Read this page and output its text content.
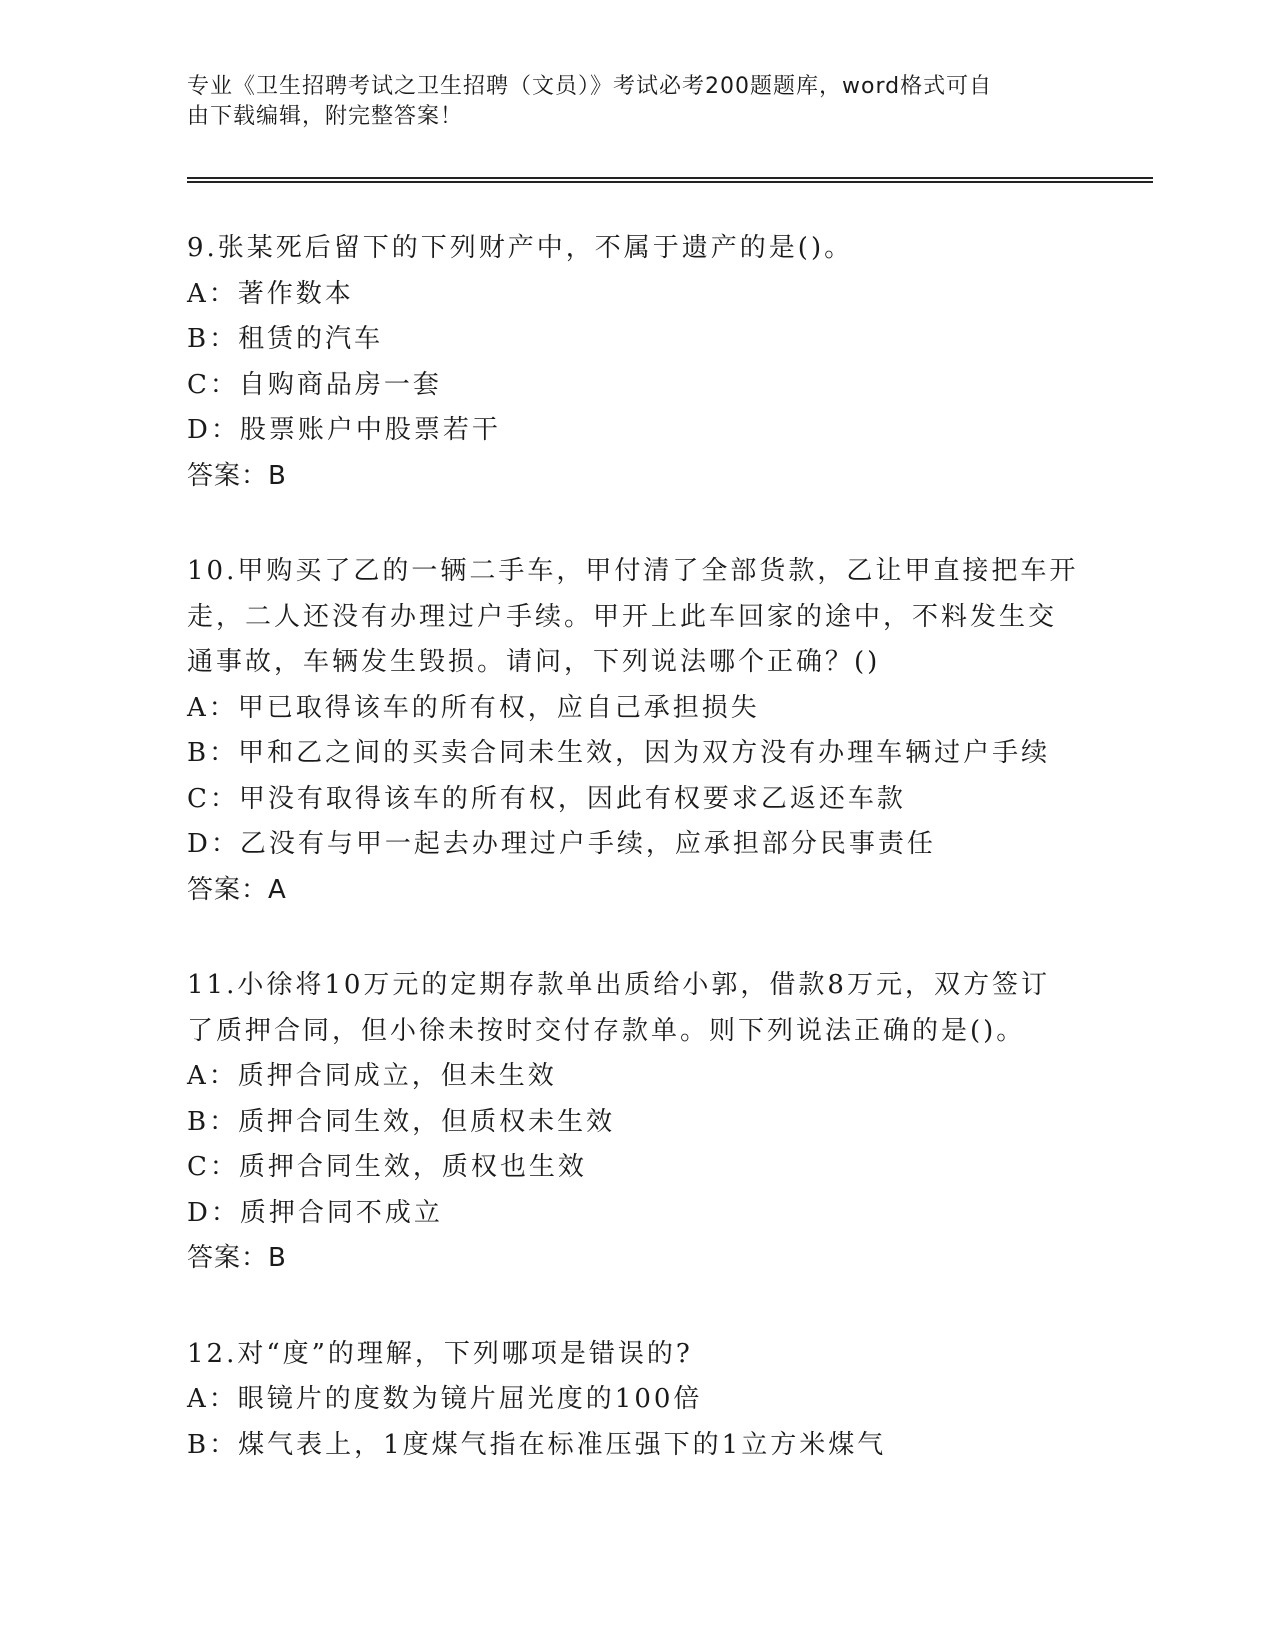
专业《卫生招聘考试之卫生招聘（文员）》考试必考200题题库，word格式可自
由下载编辑，附完整答案！
9.张某死后留下的下列财产中，不属于遗产的是()。
A：著作数本
B：租赁的汽车
C：自购商品房一套
D：股票账户中股票若干
答案：B
10.甲购买了乙的一辆二手车，甲付清了全部货款，乙让甲直接把车开
走，二人还没有办理过户手续。甲开上此车回家的途中，不料发生交
通事故，车辆发生毁损。请问，下列说法哪个正确？()
A：甲已取得该车的所有权，应自己承担损失
B：甲和乙之间的买卖合同未生效，因为双方没有办理车辆过户手续
C：甲没有取得该车的所有权，因此有权要求乙返还车款
D：乙没有与甲一起去办理过户手续，应承担部分民事责任
答案：A
11.小徐将10万元的定期存款单出质给小郭，借款8万元，双方签订
了质押合同，但小徐未按时交付存款单。则下列说法正确的是()。
A：质押合同成立，但未生效
B：质押合同生效，但质权未生效
C：质押合同生效，质权也生效
D：质押合同不成立
答案：B
12.对“度”的理解，下列哪项是错误的?
A：眼镜片的度数为镜片屈光度的100倍
B：煤气表上，1度煤气指在标准压强下的1立方米煤气
